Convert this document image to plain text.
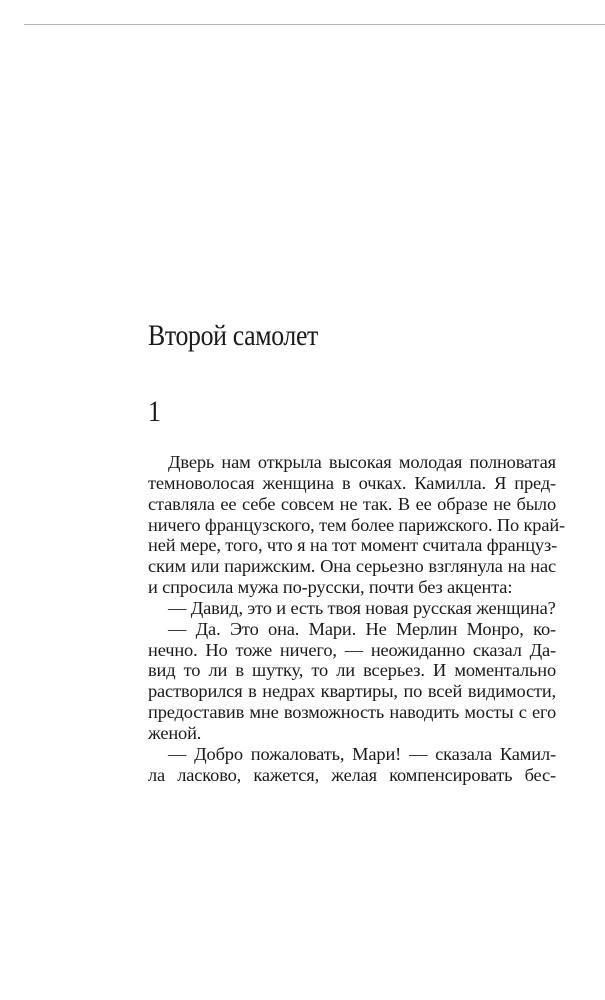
Второй самолет
1
Дверь нам открыла высокая молодая полноватая
темноволосая женщина в очках. Камилла. Я пред-
ставляла ее себе совсем не так. В ее образе не было
ничего французского, тем более парижского. По край-
ней мере, того, что я на тот момент считала француз-
ским или парижским. Она серьезно взглянула на нас
и спросила мужа по-русски, почти без акцента:
— Давид, это и есть твоя новая русская женщина?
— Да. Это она. Мари. Не Мерлин Монро, ко-
нечно. Но тоже ничего, — неожиданно сказал Да-
вид то ли в шутку, то ли всерьез. И моментально
растворился в недрах квартиры, по всей видимости,
предоставив мне возможность наводить мосты с его
женой.
— Добро пожаловать, Мари! — сказала Камил-
ла ласково, кажется, желая компенсировать бес-
